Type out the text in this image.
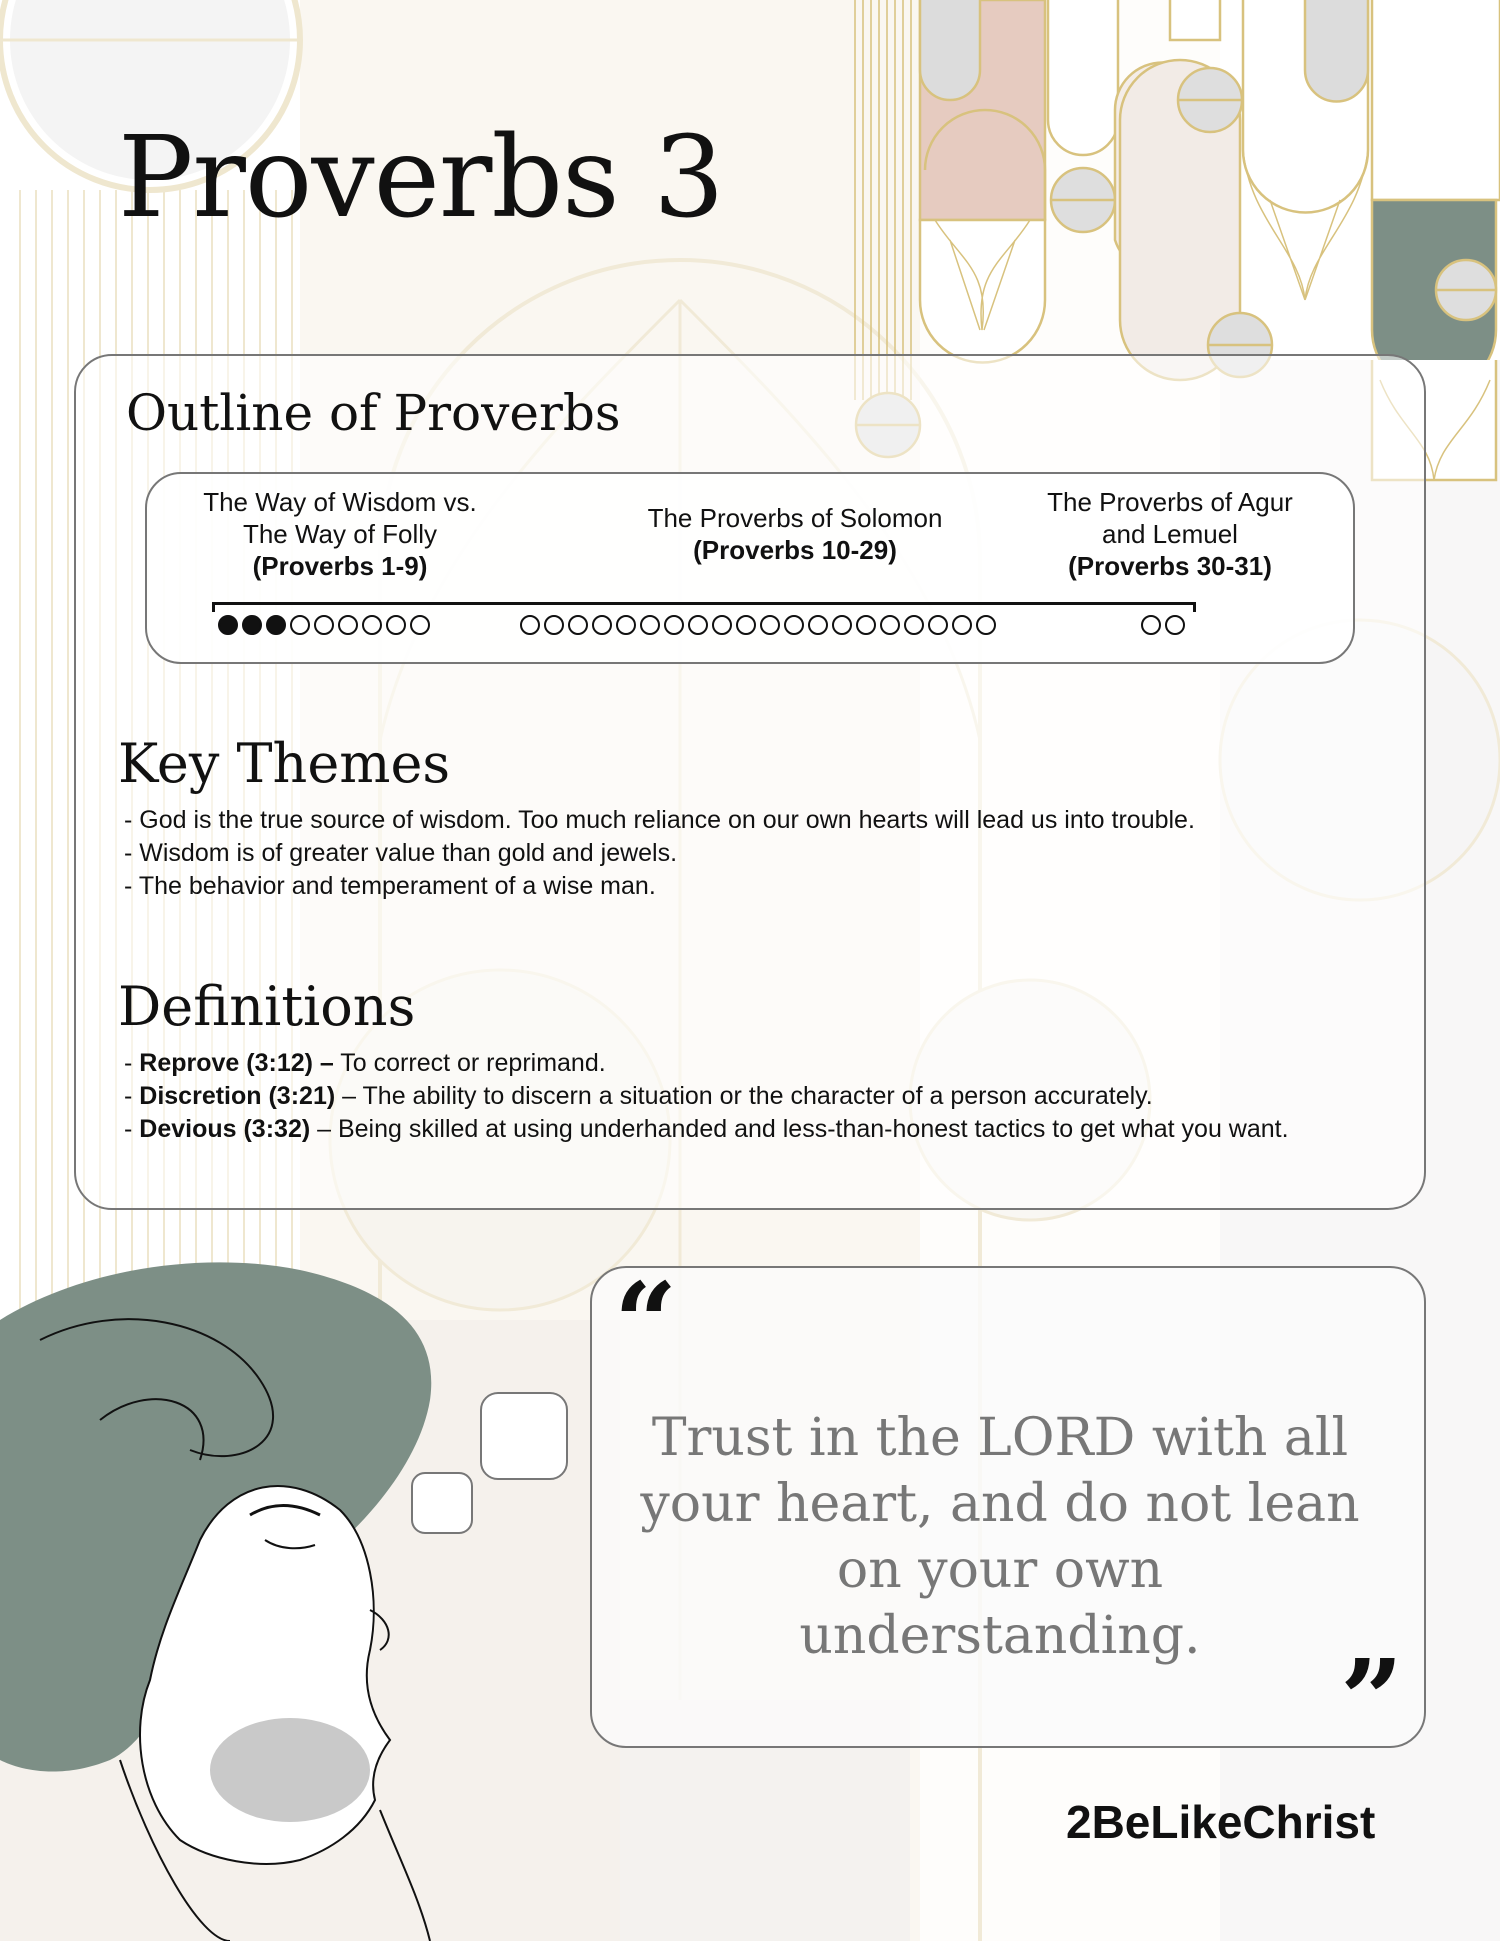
Proverbs 3
Outline of Proverbs
The Way of Wisdom vs.
The Way of Folly
(Proverbs 1-9)
The Proverbs of Solomon
(Proverbs 10-29)
The Proverbs of Agur
and Lemuel
(Proverbs 30-31)
Key Themes
- God is the true source of wisdom. Too much reliance on our own hearts will lead us into trouble.
- Wisdom is of greater value than gold and jewels.
- The behavior and temperament of a wise man.
Definitions
- Reprove (3:12) – To correct or reprimand.
- Discretion (3:21) – The ability to discern a situation or the character of a person accurately.
- Devious (3:32) – Being skilled at using underhanded and less-than-honest tactics to get what you want.
“

Trust in the LORD with all your heart, and do not lean on your own understanding.	”
2BeLikeChrist
